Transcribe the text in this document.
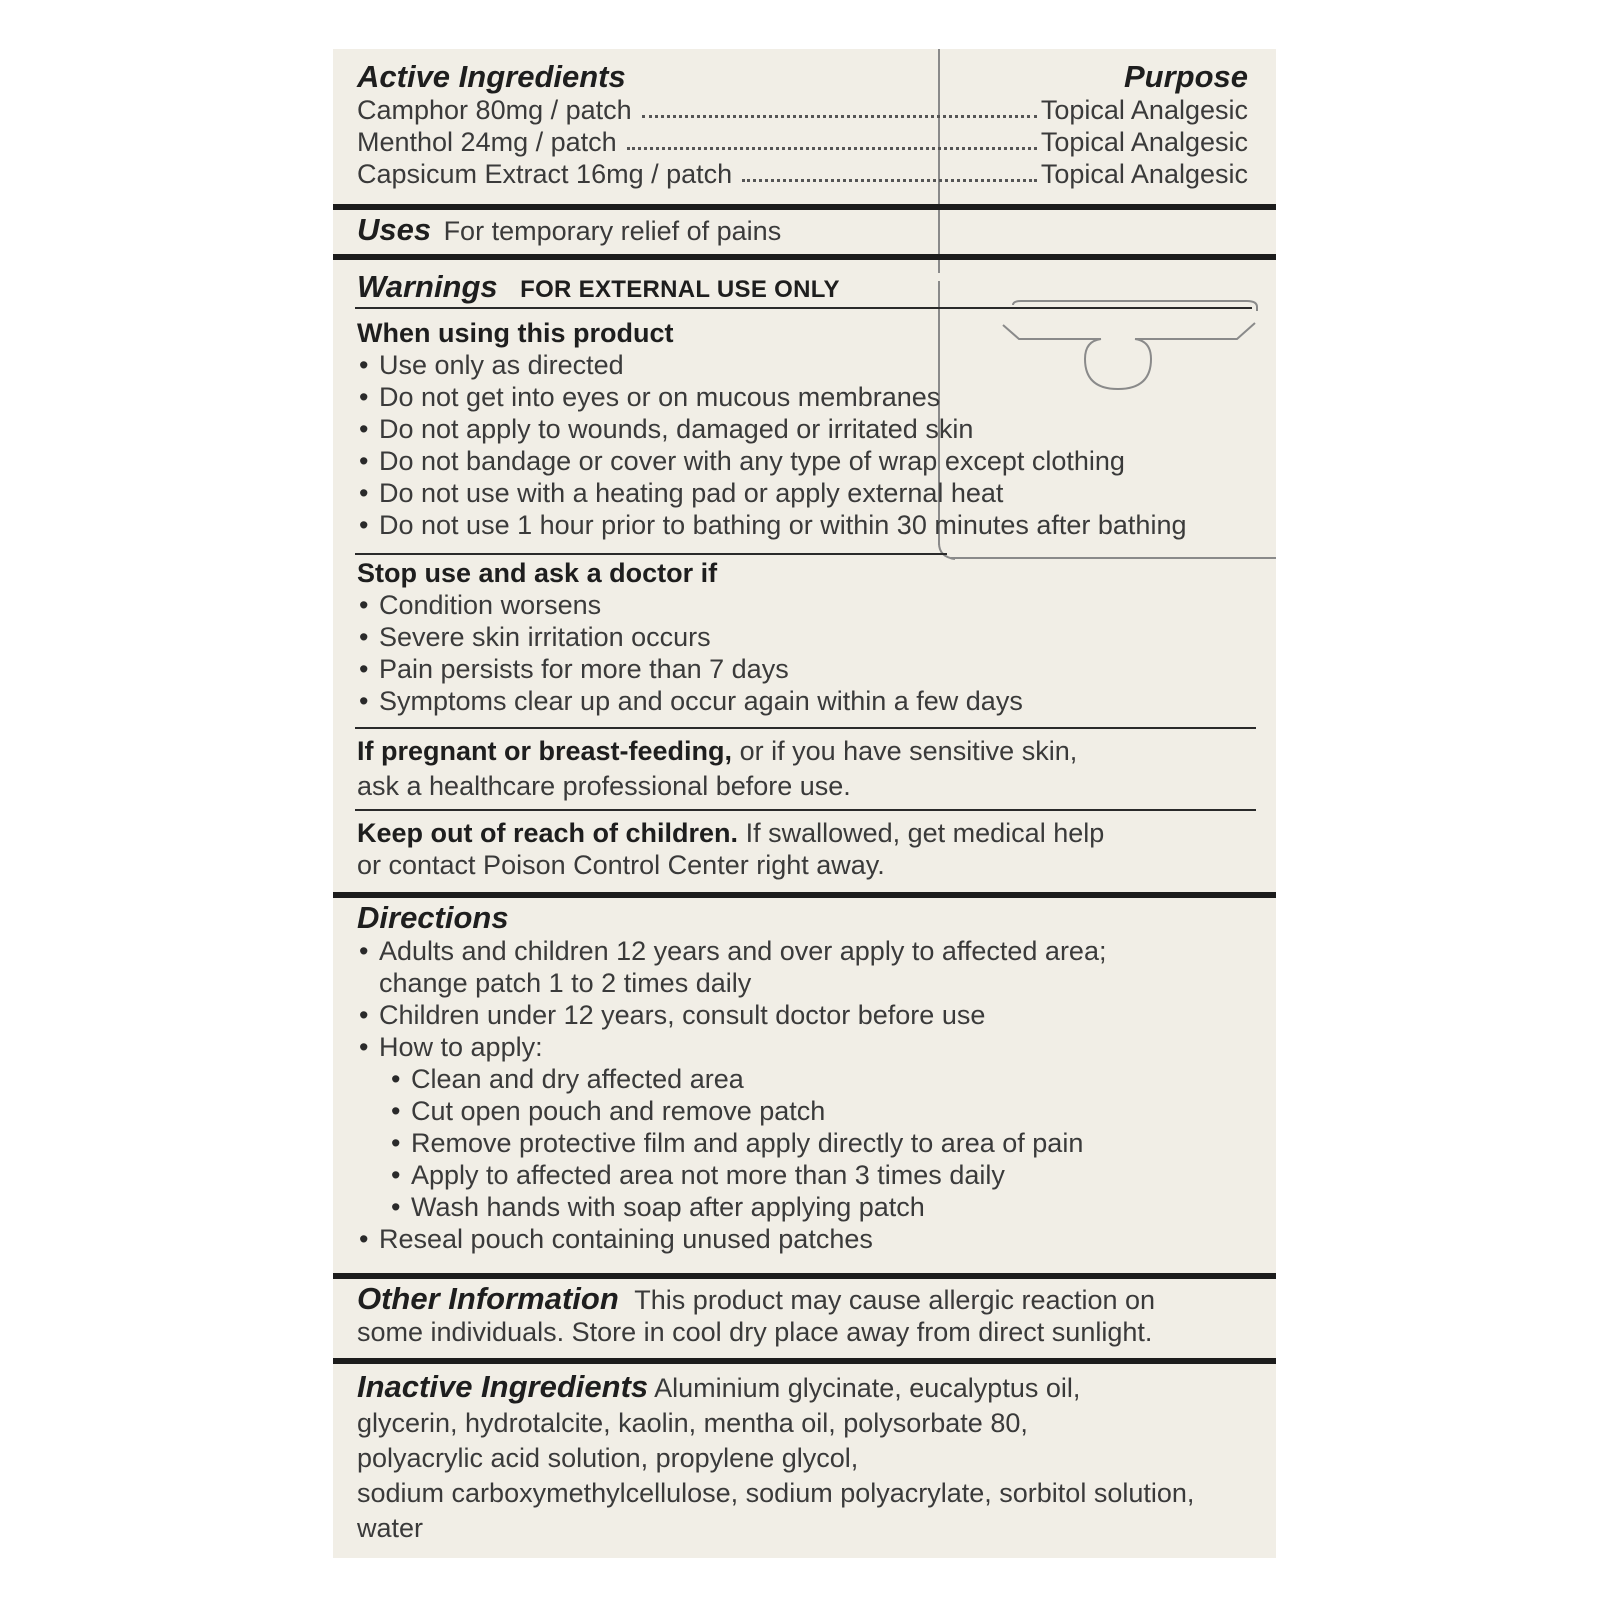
Active Ingredients	Purpose
Camphor 80mg / patch	Topical Analgesic
Menthol 24mg / patch	Topical Analgesic
Capsicum Extract 16mg / patch	Topical Analgesic
Uses For temporary relief of pains
Warnings FOR EXTERNAL USE ONLY
When using this product
• Use only as directed
• Do not get into eyes or on mucous membranes
• Do not apply to wounds, damaged or irritated skin
• Do not bandage or cover with any type of wrap except clothing
• Do not use with a heating pad or apply external heat
• Do not use 1 hour prior to bathing or within 30 minutes after bathing
Stop use and ask a doctor if
• Condition worsens
• Severe skin irritation occurs
• Pain persists for more than 7 days
• Symptoms clear up and occur again within a few days
If pregnant or breast-feeding, or if you have sensitive skin,
ask a healthcare professional before use.
Keep out of reach of children. If swallowed, get medical help
or contact Poison Control Center right away.
Directions
• Adults and children 12 years and over apply to affected area;
change patch 1 to 2 times daily
• Children under 12 years, consult doctor before use
• How to apply:
• Clean and dry affected area
• Cut open pouch and remove patch
• Remove protective film and apply directly to area of pain
• Apply to affected area not more than 3 times daily
• Wash hands with soap after applying patch
• Reseal pouch containing unused patches
Other Information This product may cause allergic reaction on
some individuals. Store in cool dry place away from direct sunlight.
Inactive Ingredients Aluminium glycinate, eucalyptus oil,
glycerin, hydrotalcite, kaolin, mentha oil, polysorbate 80,
polyacrylic acid solution, propylene glycol,
sodium carboxymethylcellulose, sodium polyacrylate, sorbitol solution,
water
